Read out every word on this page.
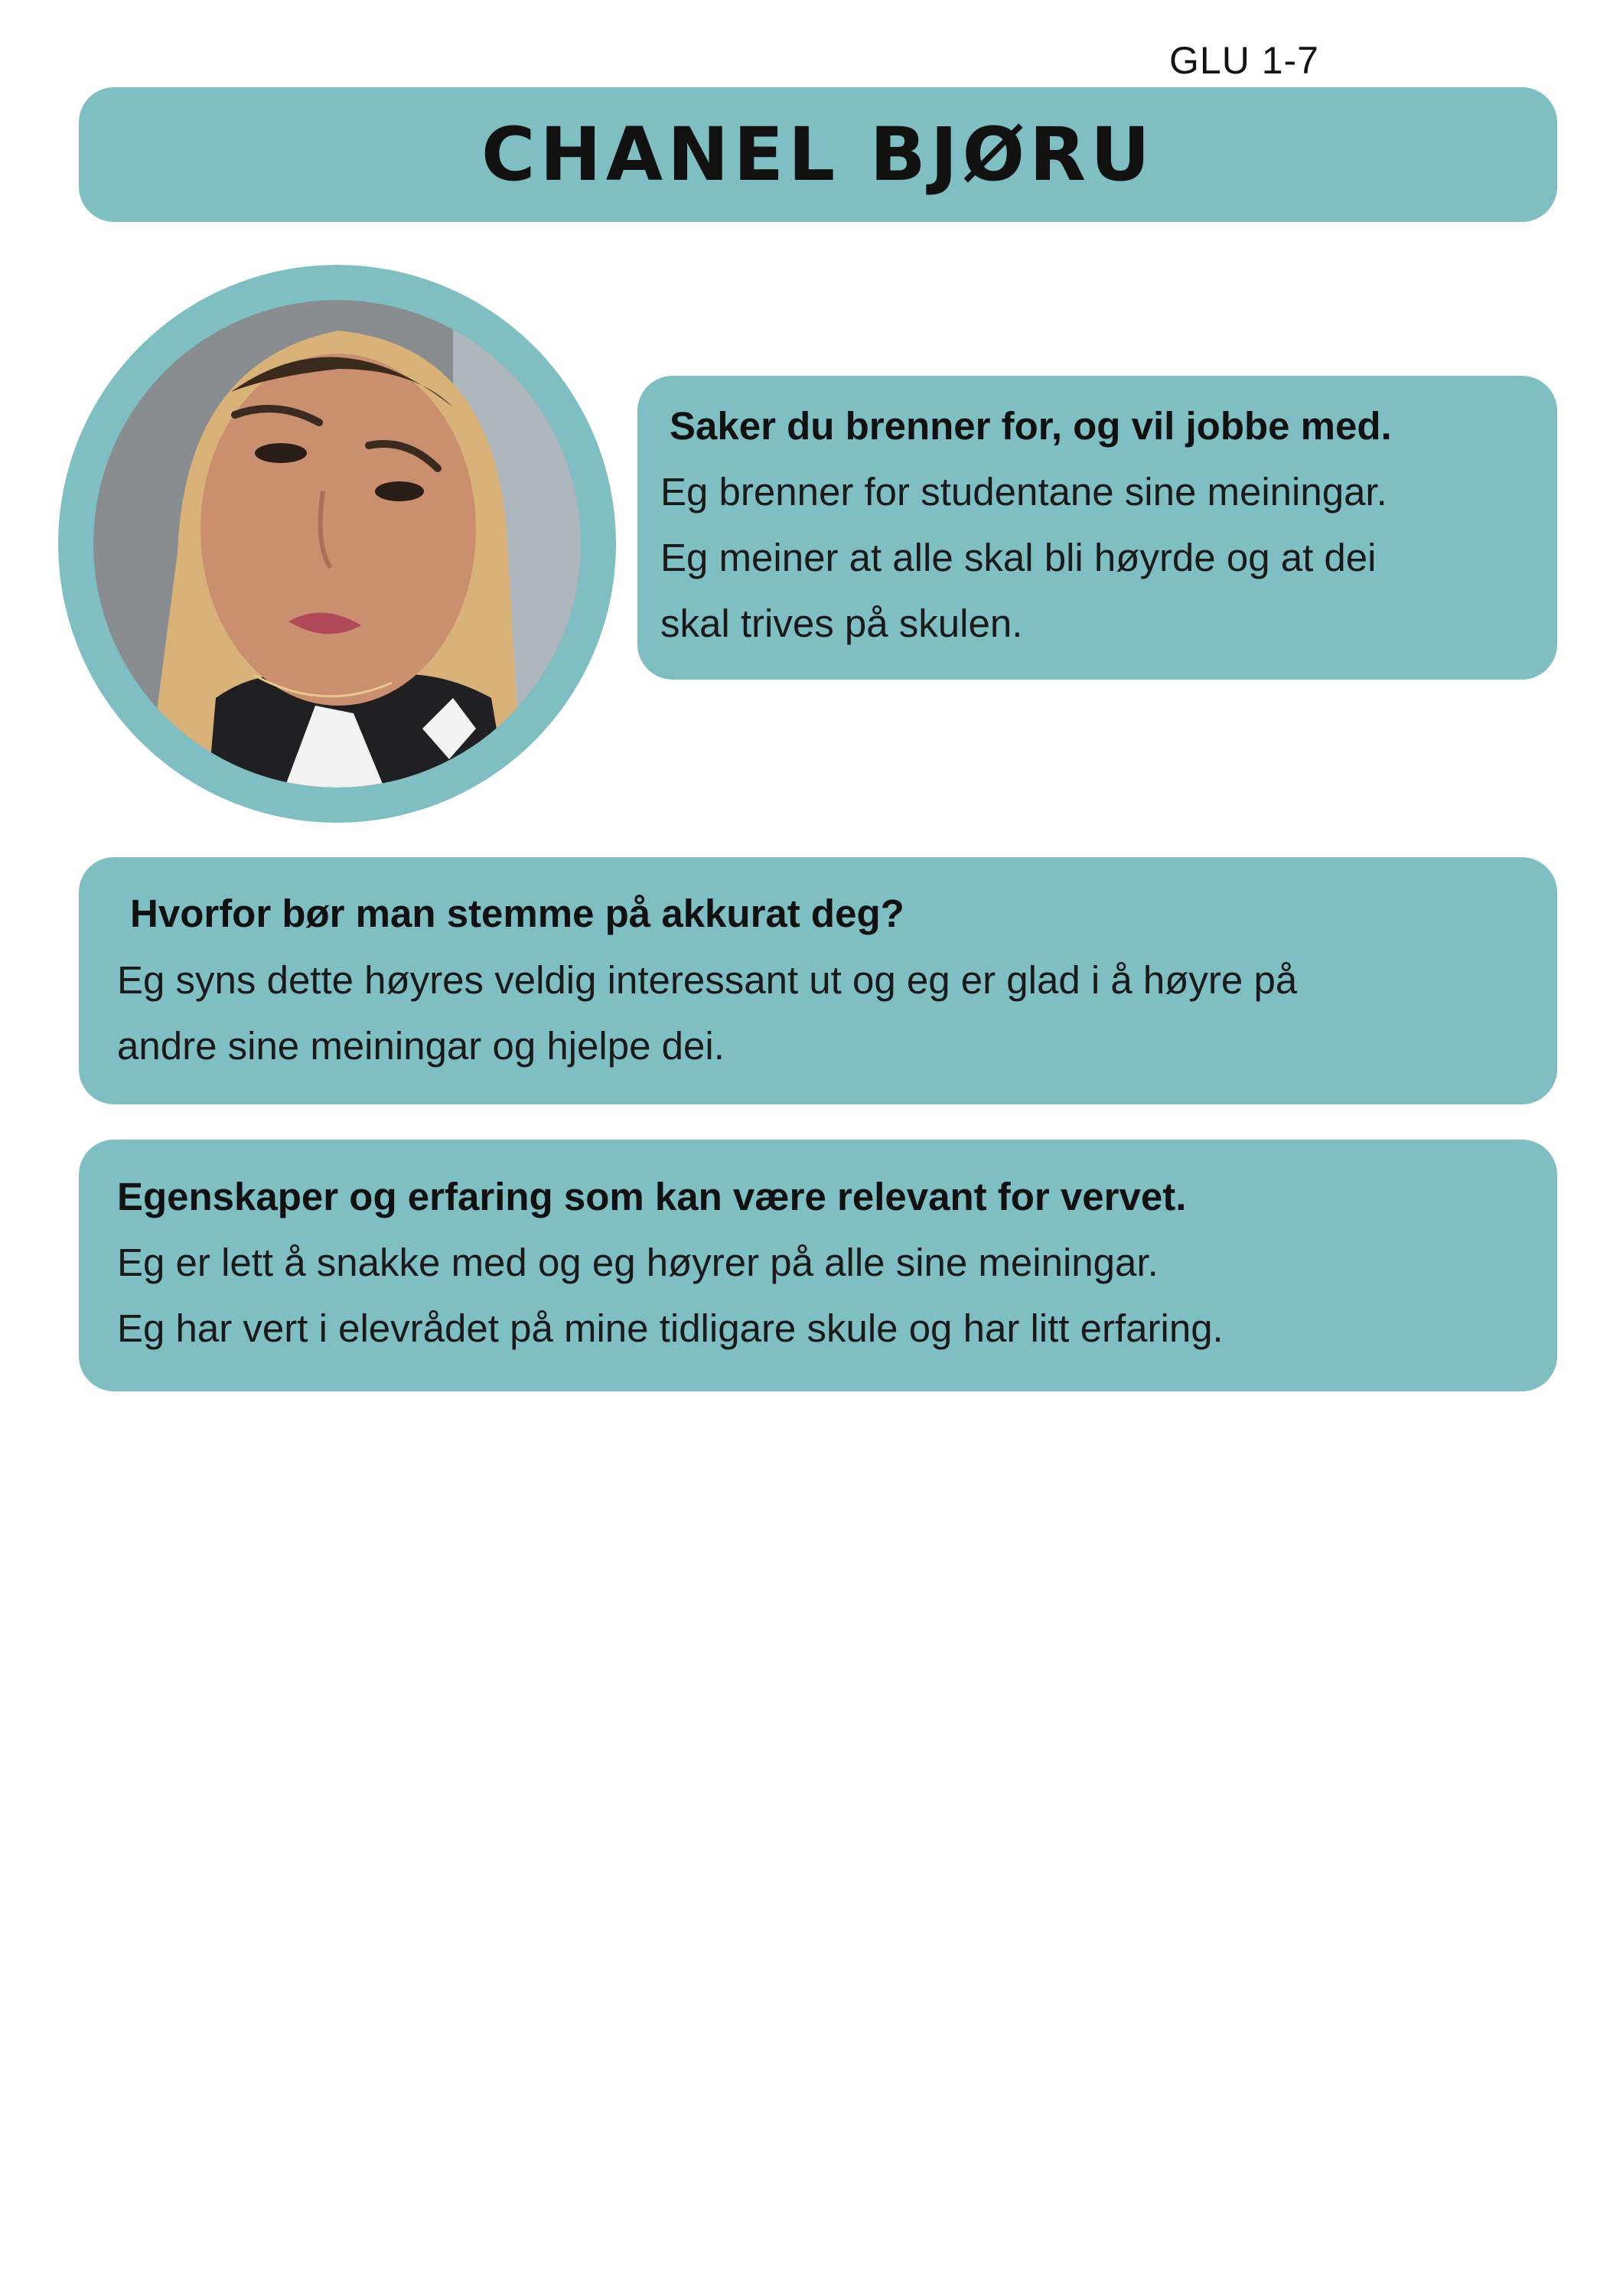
GLU 1-7
CHANEL BJØRU
Saker du brenner for, og vil jobbe med.
Eg brenner for studentane sine meiningar.
Eg meiner at alle skal bli høyrde og at dei
skal trives på skulen.
Hvorfor bør man stemme på akkurat deg?
Eg syns dette høyres veldig interessant ut og eg er glad i å høyre på
andre sine meiningar og hjelpe dei.
Egenskaper og erfaring som kan være relevant for vervet.
Eg er lett å snakke med og eg høyrer på alle sine meiningar.
Eg har vert i elevrådet på mine tidligare skule og har litt erfaring.
